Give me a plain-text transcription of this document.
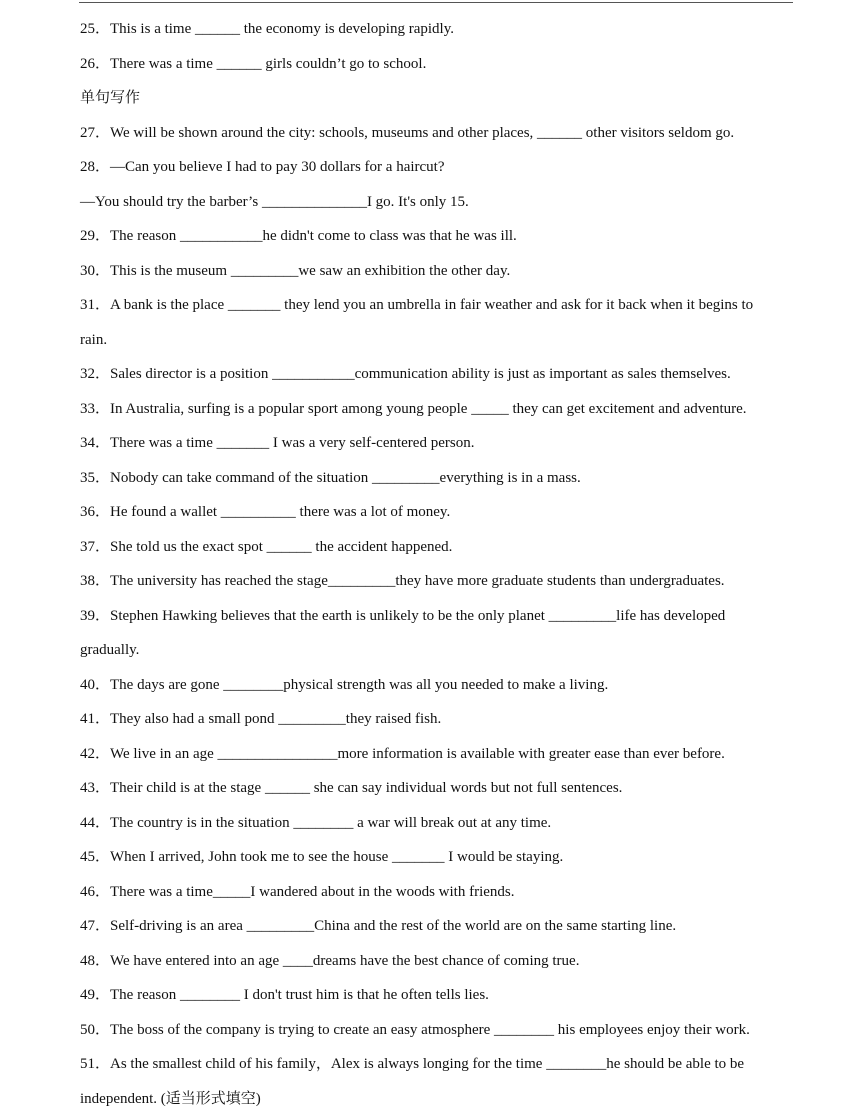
25．This is a time ______ the economy is developing rapidly.
26．There was a time ______ girls couldn’t go to school.
单句写作
27．We will be shown around the city: schools, museums and other places, ______ other visitors seldom go.
28．—Can you believe I had to pay 30 dollars for a haircut?
—You should try the barber’s ______________I go. It's only 15.
29．The reason ___________he didn't come to class was that he was ill.
30．This is the museum _________we saw an exhibition the other day.
31．A bank is the place _______ they lend you an umbrella in fair weather and ask for it back when it begins to
rain.
32．Sales director is a position ___________communication ability is just as important as sales themselves.
33．In Australia, surfing is a popular sport among young people _____ they can get excitement and adventure.
34．There was a time _______ I was a very self-centered person.
35．Nobody can take command of the situation _________everything is in a mass.
36．He found a wallet __________ there was a lot of money.
37．She told us the exact spot ______ the accident happened.
38．The university has reached the stage_________they have more graduate students than undergraduates.
39．Stephen Hawking believes that the earth is unlikely to be the only planet _________life has developed
gradually.
40．The days are gone ________physical strength was all you needed to make a living.
41．They also had a small pond _________they raised fish.
42．We live in an age ________________more information is available with greater ease than ever before.
43．Their child is at the stage ______ she can say individual words but not full sentences.
44．The country is in the situation ________ a war will break out at any time.
45．When I arrived, John took me to see the house _______ I would be staying.
46．There was a time_____I wandered about in the woods with friends.
47．Self-driving is an area _________China and the rest of the world are on the same starting line.
48．We have entered into an age ____dreams have the best chance of coming true.
49．The reason ________ I don't trust him is that he often tells lies.
50．The boss of the company is trying to create an easy atmosphere ________ his employees enjoy their work.
51．As the smallest child of his family，Alex is always longing for the time ________he should be able to be
independent. (适当形式填空)
